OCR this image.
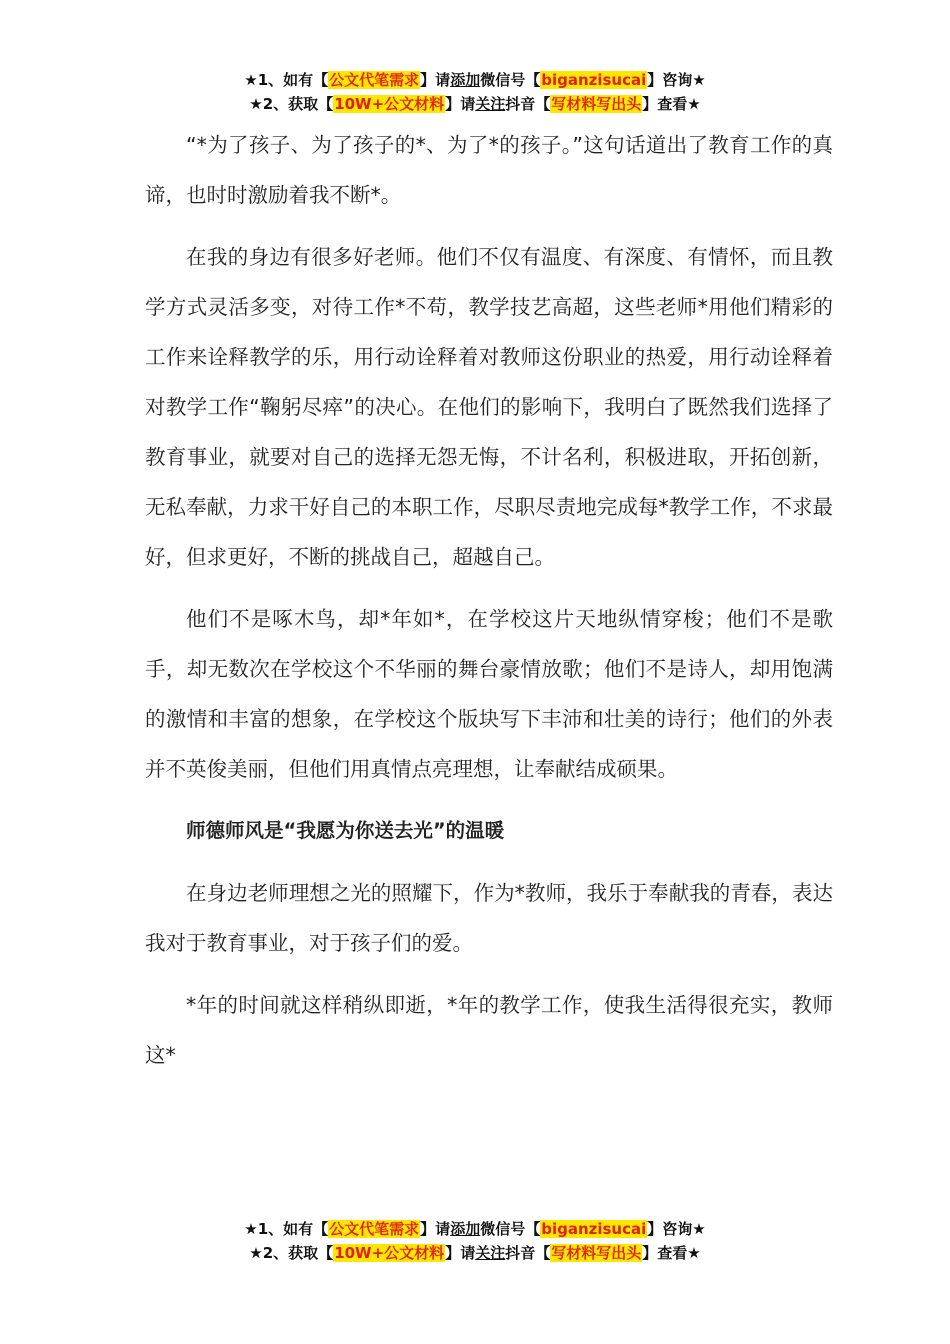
★1、如有【公文代笔需求】请添加微信号【biganzisucai】咨询★
★2、获取【10W+公文材料】请关注抖音【写材料写出头】查看★

“*为了孩子、为了孩子的*、为了*的孩子。”这句话道出了教育工作的真谛，也时时激励着我不断*。

在我的身边有很多好老师。他们不仅有温度、有深度、有情怀，而且教学方式灵活多变，对待工作*不苟，教学技艺高超，这些老师*用他们精彩的工作来诠释教学的乐，用行动诠释着对教师这份职业的热爱，用行动诠释着对教学工作“鞠躬尽瘁”的决心。在他们的影响下，我明白了既然我们选择了教育事业，就要对自己的选择无怨无悔，不计名利，积极进取，开拓创新，无私奉献，力求干好自己的本职工作，尽职尽责地完成每*教学工作，不求最好，但求更好，不断的挑战自己，超越自己。

他们不是啄木鸟，却*年如*，在学校这片天地纵情穿梭；他们不是歌手，却无数次在学校这个不华丽的舞台豪情放歌；他们不是诗人，却用饱满的激情和丰富的想象，在学校这个版块写下丰沛和壮美的诗行；他们的外表并不英俊美丽，但他们用真情点亮理想，让奉献结成硕果。

师德师风是“我愿为你送去光”的温暖

在身边老师理想之光的照耀下，作为*教师，我乐于奉献我的青春，表达我对于教育事业，对于孩子们的爱。

*年的时间就这样稍纵即逝，*年的教学工作，使我生活得很充实，教师这*

★1、如有【公文代笔需求】请添加微信号【biganzisucai】咨询★
★2、获取【10W+公文材料】请关注抖音【写材料写出头】查看★
